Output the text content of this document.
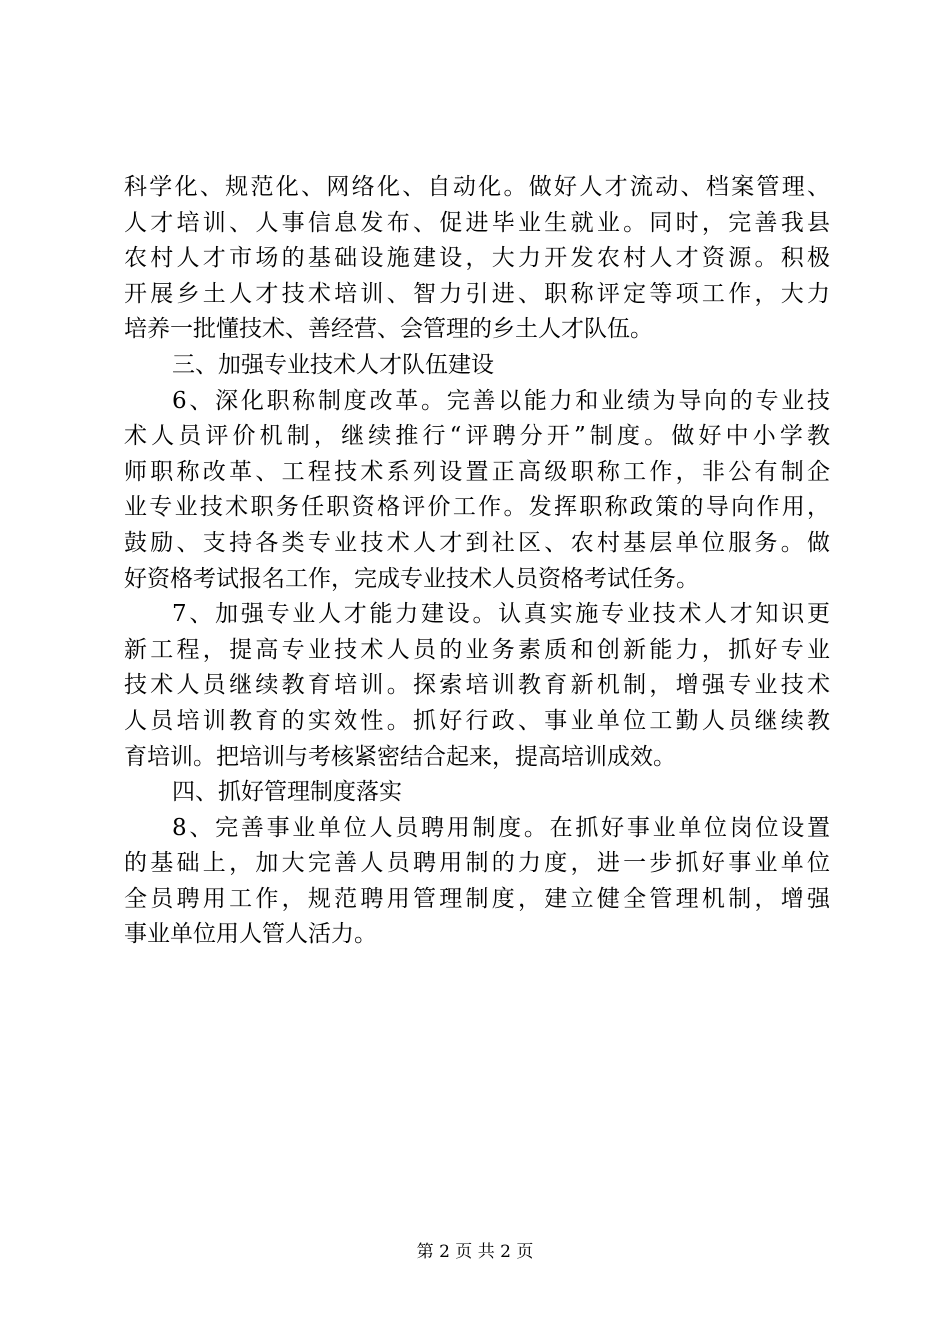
科学化、规范化、网络化、自动化。做好人才流动、档案管理、
人才培训、人事信息发布、促进毕业生就业。同时，完善我县
农村人才市场的基础设施建设，大力开发农村人才资源。积极
开展乡土人才技术培训、智力引进、职称评定等项工作，大力
培养一批懂技术、善经营、会管理的乡土人才队伍。
三、加强专业技术人才队伍建设
6、深化职称制度改革。完善以能力和业绩为导向的专业技
术人员评价机制，继续推行“评聘分开”制度。做好中小学教
师职称改革、工程技术系列设置正高级职称工作，非公有制企
业专业技术职务任职资格评价工作。发挥职称政策的导向作用，
鼓励、支持各类专业技术人才到社区、农村基层单位服务。做
好资格考试报名工作，完成专业技术人员资格考试任务。
7、加强专业人才能力建设。认真实施专业技术人才知识更
新工程，提高专业技术人员的业务素质和创新能力，抓好专业
技术人员继续教育培训。探索培训教育新机制，增强专业技术
人员培训教育的实效性。抓好行政、事业单位工勤人员继续教
育培训。把培训与考核紧密结合起来，提高培训成效。
四、抓好管理制度落实
8、完善事业单位人员聘用制度。在抓好事业单位岗位设置
的基础上，加大完善人员聘用制的力度，进一步抓好事业单位
全员聘用工作，规范聘用管理制度，建立健全管理机制，增强
事业单位用人管人活力。
第 2 页 共 2 页
